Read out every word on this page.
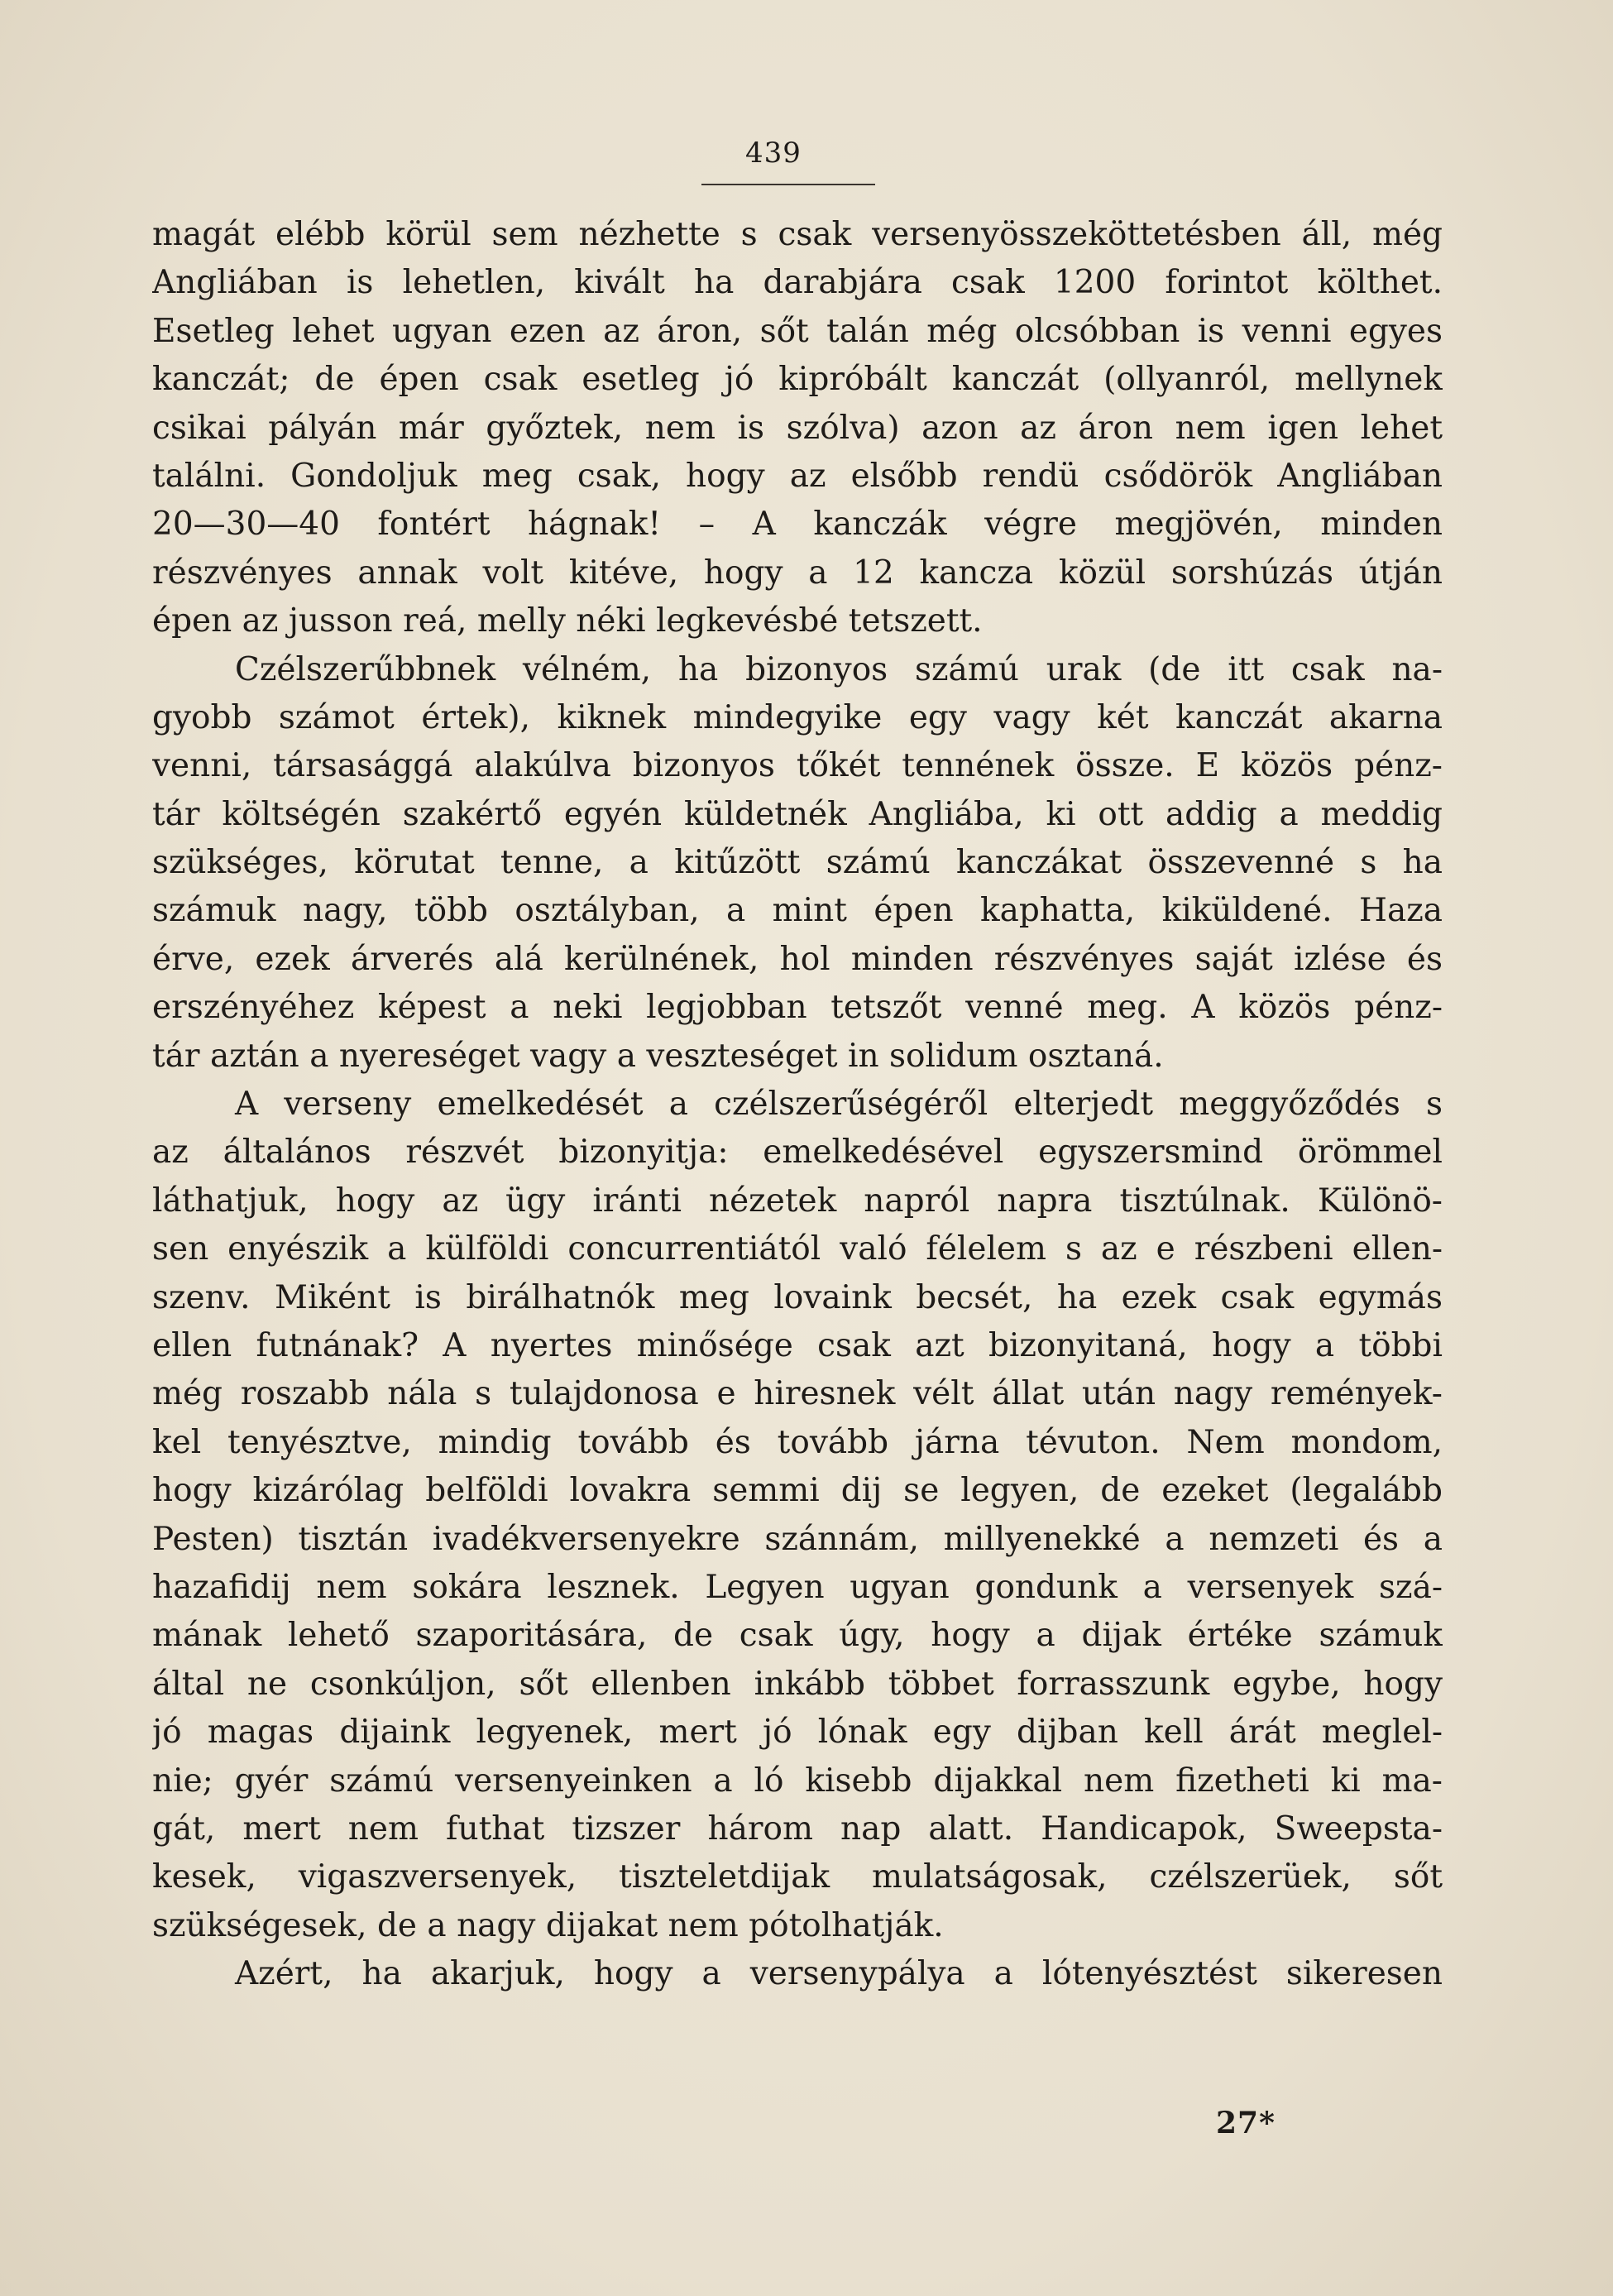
439
magát elébb körül sem nézhette s csak versenyösszeköttetésben áll, még
Angliában is lehetlen, kivált ha darabjára csak 1200 forintot költhet.
Esetleg lehet ugyan ezen az áron, sőt talán még olcsóbban is venni egyes
kanczát; de épen csak esetleg jó kipróbált kanczát (ollyanról, mellynek
csikai pályán már győztek, nem is szólva) azon az áron nem igen lehet
találni. Gondoljuk meg csak, hogy az elsőbb rendü csődörök Angliában
20—30—40 fontért hágnak! – A kanczák végre megjövén, minden
részvényes annak volt kitéve, hogy a 12 kancza közül sorshúzás útján
épen az jusson reá, melly néki legkevésbé tetszett.
Czélszerűbbnek vélném, ha bizonyos számú urak (de itt csak na-
gyobb számot értek), kiknek mindegyike egy vagy két kanczát akarna
venni, társasággá alakúlva bizonyos tőkét tennének össze. E közös pénz-
tár költségén szakértő egyén küldetnék Angliába, ki ott addig a meddig
szükséges, körutat tenne, a kitűzött számú kanczákat összevenné s ha
számuk nagy, több osztályban, a mint épen kaphatta, kiküldené. Haza
érve, ezek árverés alá kerülnének, hol minden részvényes saját izlése és
erszényéhez képest a neki legjobban tetszőt venné meg. A közös pénz-
tár aztán a nyereséget vagy a veszteséget in solidum osztaná.
A verseny emelkedését a czélszerűségéről elterjedt meggyőződés s
az általános részvét bizonyitja: emelkedésével egyszersmind örömmel
láthatjuk, hogy az ügy iránti nézetek napról napra tisztúlnak. Különö-
sen enyészik a külföldi concurrentiától való félelem s az e részbeni ellen-
szenv. Miként is birálhatnók meg lovaink becsét, ha ezek csak egymás
ellen futnának? A nyertes minősége csak azt bizonyitaná, hogy a többi
még roszabb nála s tulajdonosa e hiresnek vélt állat után nagy remények-
kel tenyésztve, mindig tovább és tovább járna tévuton. Nem mondom,
hogy kizárólag belföldi lovakra semmi dij se legyen, de ezeket (legalább
Pesten) tisztán ivadékversenyekre szánnám, millyenekké a nemzeti és a
hazafidij nem sokára lesznek. Legyen ugyan gondunk a versenyek szá-
mának lehető szaporitására, de csak úgy, hogy a dijak értéke számuk
által ne csonkúljon, sőt ellenben inkább többet forrasszunk egybe, hogy
jó magas dijaink legyenek, mert jó lónak egy dijban kell árát meglel-
nie; gyér számú versenyeinken a ló kisebb dijakkal nem fizetheti ki ma-
gát, mert nem futhat tizszer három nap alatt. Handicapok, Sweepsta-
kesek, vigaszversenyek, tiszteletdijak mulatságosak, czélszerüek, sőt
szükségesek, de a nagy dijakat nem pótolhatják.
Azért, ha akarjuk, hogy a versenypálya a lótenyésztést sikeresen
27*
